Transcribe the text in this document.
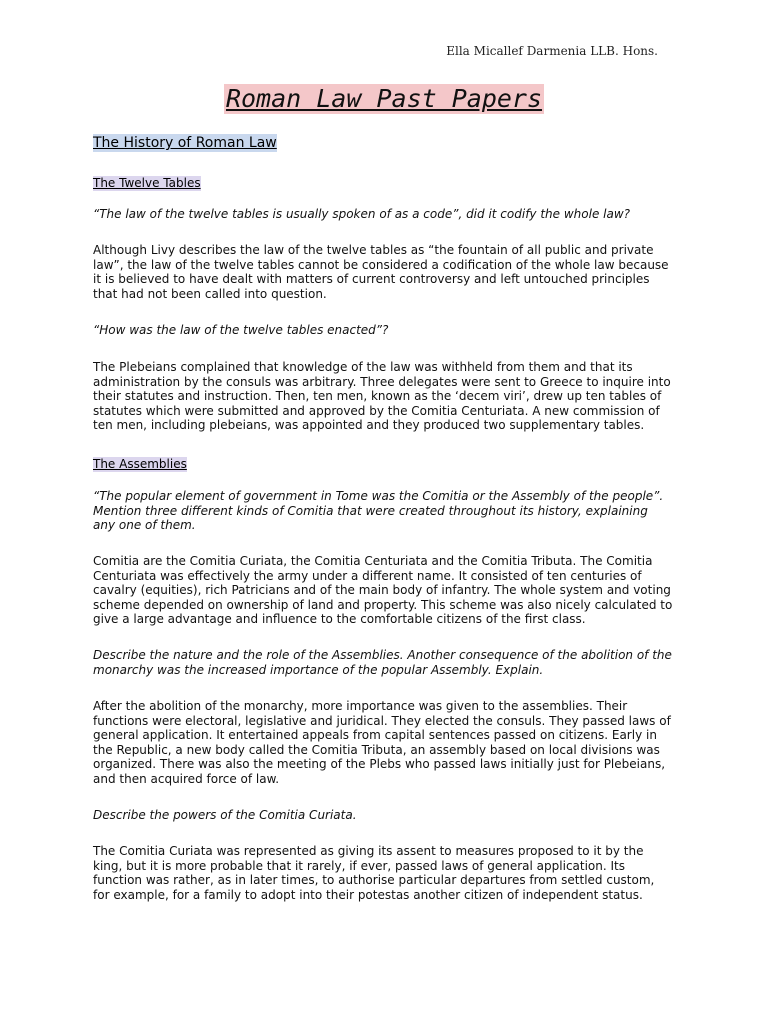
Ella Micallef Darmenia LLB. Hons.
Roman Law Past Papers
The History of Roman Law
The Twelve Tables

“The law of the twelve tables is usually spoken of as a code”, did it codify the whole law?

Although Livy describes the law of the twelve tables as “the fountain of all public and private law”, the law of the twelve tables cannot be considered a codification of the whole law because it is believed to have dealt with matters of current controversy and left untouched principles that had not been called into question.

“How was the law of the twelve tables enacted”?

The Plebeians complained that knowledge of the law was withheld from them and that its administration by the consuls was arbitrary. Three delegates were sent to Greece to inquire into their statutes and instruction. Then, ten men, known as the ‘decem viri’, drew up ten tables of statutes which were submitted and approved by the Comitia Centuriata. A new commission of ten men, including plebeians, was appointed and they produced two supplementary tables.

The Assemblies

“The popular element of government in Tome was the Comitia or the Assembly of the people”. Mention three different kinds of Comitia that were created throughout its history, explaining any one of them.

Comitia are the Comitia Curiata, the Comitia Centuriata and the Comitia Tributa. The Comitia Centuriata was effectively the army under a different name. It consisted of ten centuries of cavalry (equities), rich Patricians and of the main body of infantry. The whole system and voting scheme depended on ownership of land and property. This scheme was also nicely calculated to give a large advantage and influence to the comfortable citizens of the first class.

Describe the nature and the role of the Assemblies. Another consequence of the abolition of the monarchy was the increased importance of the popular Assembly. Explain.

After the abolition of the monarchy, more importance was given to the assemblies. Their functions were electoral, legislative and juridical. They elected the consuls. They passed laws of general application. It entertained appeals from capital sentences passed on citizens. Early in the Republic, a new body called the Comitia Tributa, an assembly based on local divisions was organized. There was also the meeting of the Plebs who passed laws initially just for Plebeians, and then acquired force of law.

Describe the powers of the Comitia Curiata.

The Comitia Curiata was represented as giving its assent to measures proposed to it by the king, but it is more probable that it rarely, if ever, passed laws of general application. Its function was rather, as in later times, to authorise particular departures from settled custom, for example, for a family to adopt into their potestas another citizen of independent status.
